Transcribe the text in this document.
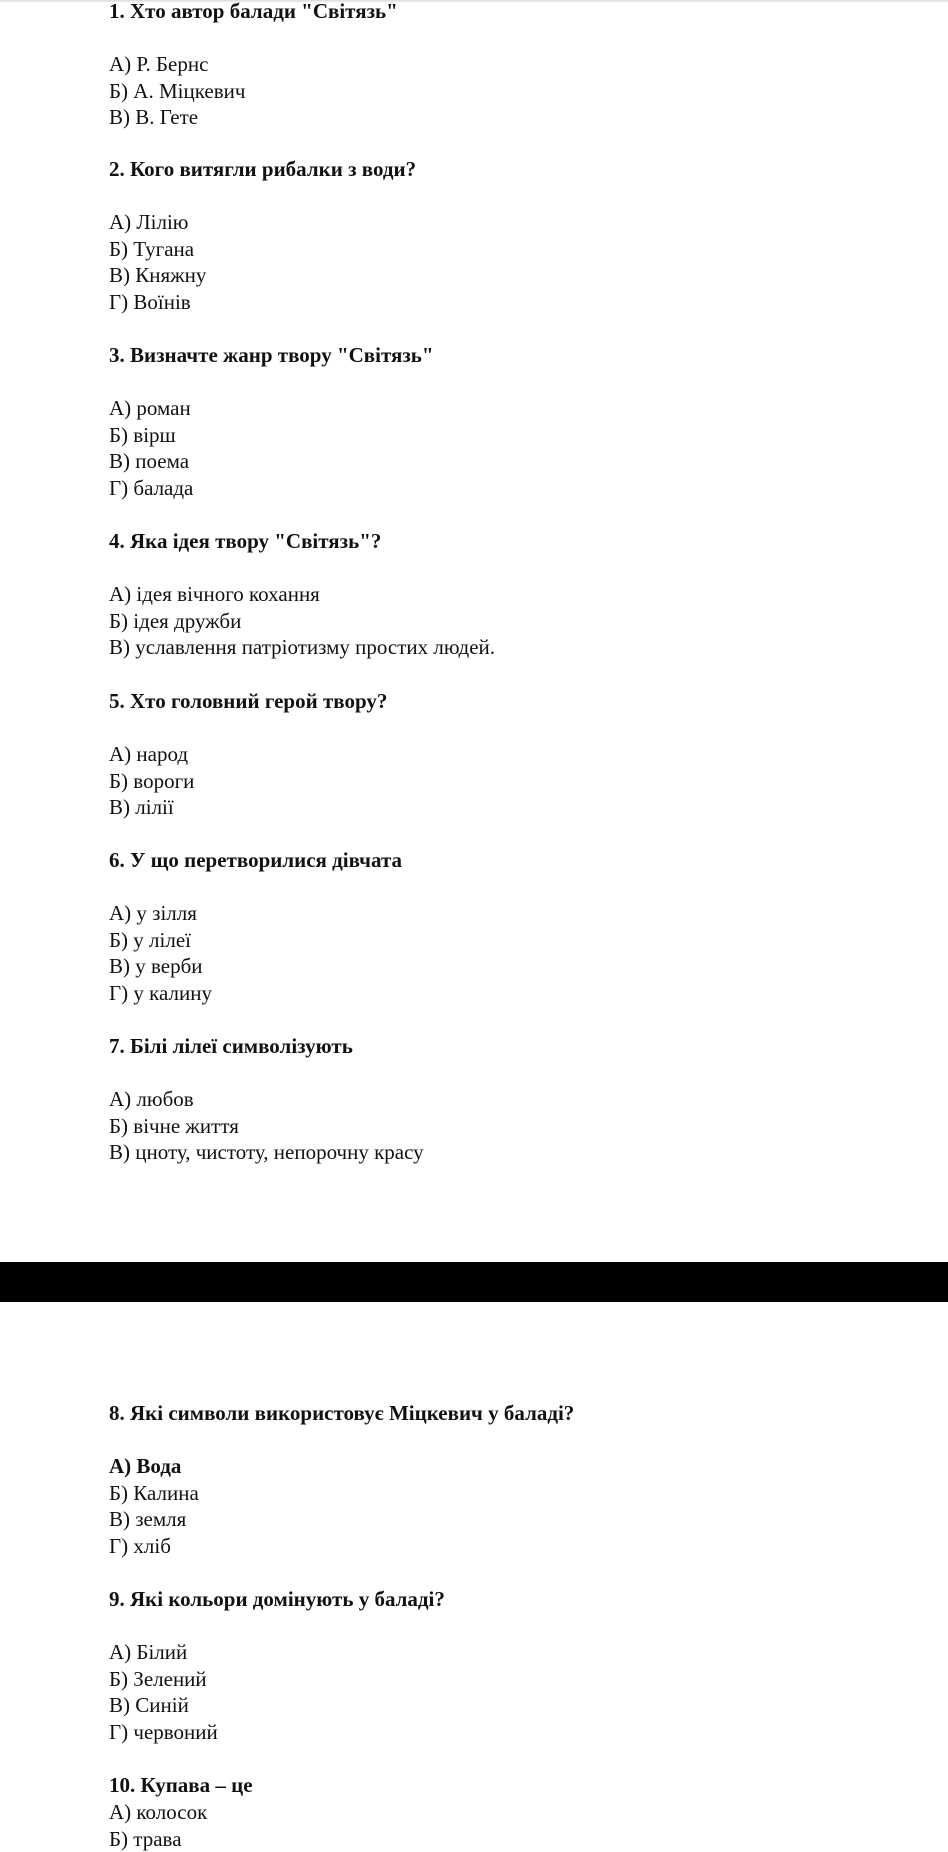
1. Хто автор балади "Світязь"

А) Р. Бернс
Б) А. Міцкевич
В) В. Гете

2. Кого витягли рибалки з води?

А) Лілію
Б) Тугана
В) Княжну
Г) Воїнів

3. Визначте жанр твору "Світязь"

А) роман
Б) вірш
В) поема
Г) балада

4. Яка ідея твору "Світязь"?

А) ідея вічного кохання
Б) ідея дружби
В) уславлення патріотизму простих людей.

5. Хто головний герой твору?

А) народ
Б) вороги
В) лілії

6. У що перетворилися дівчата

А) у зілля
Б) у лілеї
В) у верби
Г) у калину

7. Білі лілеї символізують

А) любов
Б) вічне життя
В) цноту, чистоту, непорочну красу

8. Які символи використовує Міцкевич у баладі?

А) Вода
Б) Калина
В) земля
Г) хліб

9. Які кольори домінують у баладі?

А) Білий
Б) Зелений
В) Синій
Г) червоний

10. Купава – це

А) колосок
Б) трава
